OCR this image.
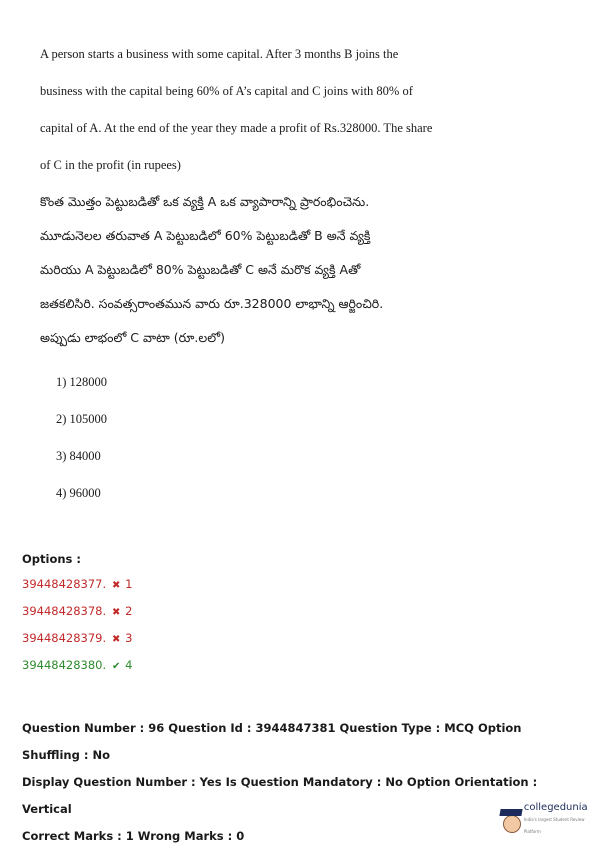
A person starts a business with some capital. After 3 months B joins the
business with the capital being 60% of A’s capital and C joins with 80% of
capital of A. At the end of the year they made a profit of Rs.328000. The share
of C in the profit (in rupees)
కొంత మొత్తం పెట్టుబడితో ఒక వ్యక్తి A ఒక వ్యాపారాన్ని ప్రారంభించెను.
మూడునెలల తరువాత A పెట్టుబడిలో 60% పెట్టుబడితో B అనే వ్యక్తి
మరియు A పెట్టుబడిలో 80% పెట్టుబడితో C అనే మరొక వ్యక్తి Aతో
జతకలిసిరి. సంవత్సరాంతమున వారు రూ.328000 లాభాన్ని ఆర్జించిరి.
అప్పుడు లాభంలో C వాటా (రూ.లలో)
1) 128000
2) 105000
3) 84000
4) 96000
Options :
39448428377. ✖ 1
39448428378. ✖ 2
39448428379. ✖ 3
39448428380. ✔ 4
Question Number : 96 Question Id : 3944847381 Question Type : MCQ Option Shuffling : No
Display Question Number : Yes Is Question Mandatory : No Option Orientation : Vertical
Correct Marks : 1 Wrong Marks : 0
collegedunia
India's largest Student Review Platform
